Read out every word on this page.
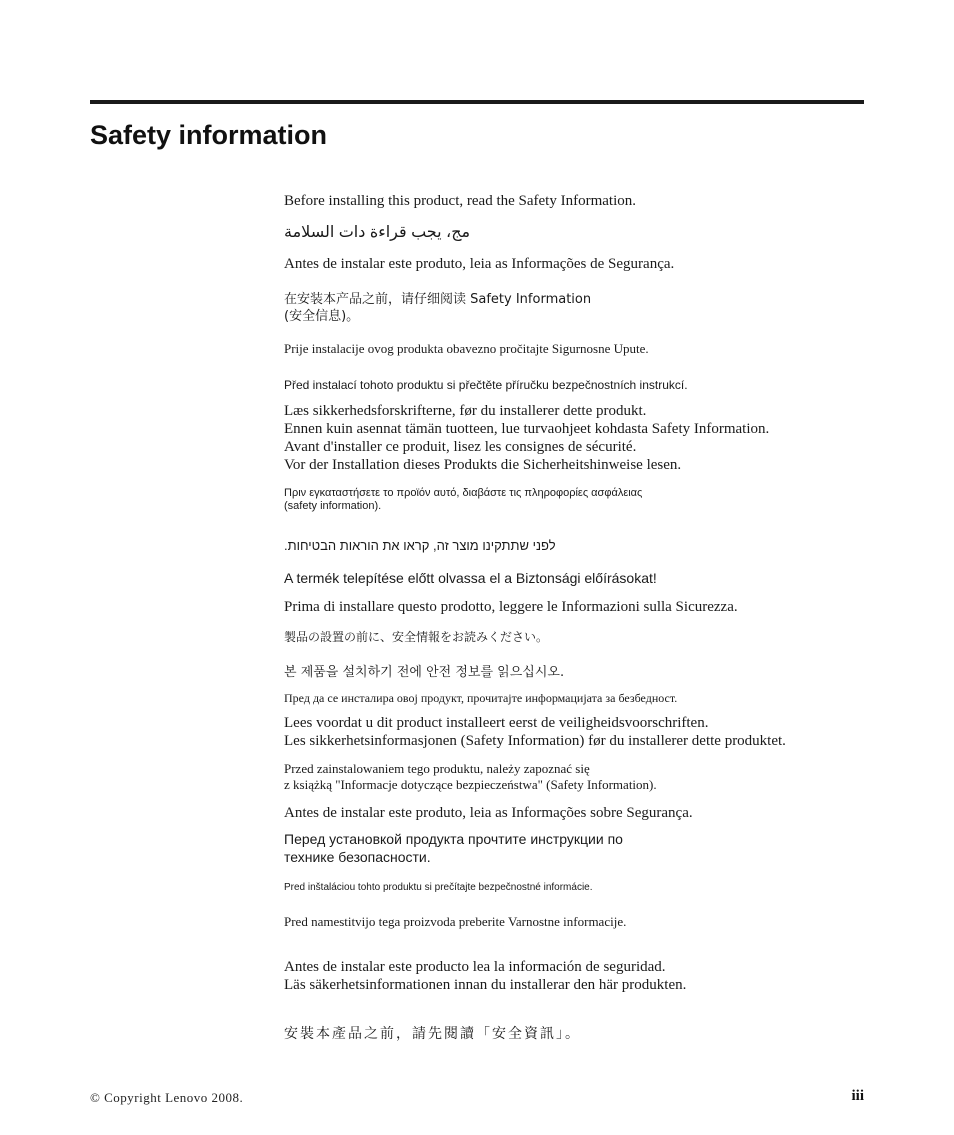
Safety information

Before installing this product, read the Safety Information.

مج، يجب قراءة دات السلامة

Antes de instalar este produto, leia as Informações de Segurança.

在安装本产品之前，请仔细阅读 Safety Information

(安全信息)。

Prije instalacije ovog produkta obavezno pročitajte Sigurnosne Upute.

Před instalací tohoto produktu si přečtěte příručku bezpečnostních instrukcí.

Læs sikkerhedsforskrifterne, før du installerer dette produkt.

Ennen kuin asennat tämän tuotteen, lue turvaohjeet kohdasta Safety Information.

Avant d'installer ce produit, lisez les consignes de sécurité.

Vor der Installation dieses Produkts die Sicherheitshinweise lesen.

Πριν εγκαταστήσετε το προϊόν αυτό, διαβάστε τις πληροφορίες ασφάλειας

(safety information).

לפני שתתקינו מוצר זה, קראו את הוראות הבטיחות.

A termék telepítése előtt olvassa el a Biztonsági előírásokat!

Prima di installare questo prodotto, leggere le Informazioni sulla Sicurezza.

製品の設置の前に、安全情報をお読みください。

본 제품을 설치하기 전에 안전 정보를 읽으십시오.

Пред да се инсталира овој продукт, прочитајте информацијата за безбедност.

Lees voordat u dit product installeert eerst de veiligheidsvoorschriften.

Les sikkerhetsinformasjonen (Safety Information) før du installerer dette produktet.

Przed zainstalowaniem tego produktu, należy zapoznać się

z książką "Informacje dotyczące bezpieczeństwa" (Safety Information).

Antes de instalar este produto, leia as Informações sobre Segurança.

Перед установкой продукта прочтите инструкции по

технике безопасности.

Pred inštaláciou tohto produktu si prečítajte bezpečnostné informácie.

Pred namestitvijo tega proizvoda preberite Varnostne informacije.

Antes de instalar este producto lea la información de seguridad.

Läs säkerhetsinformationen innan du installerar den här produkten.

安裝本產品之前，請先閱讀「安全資訊」。

© Copyright Lenovo 2008.	iii
